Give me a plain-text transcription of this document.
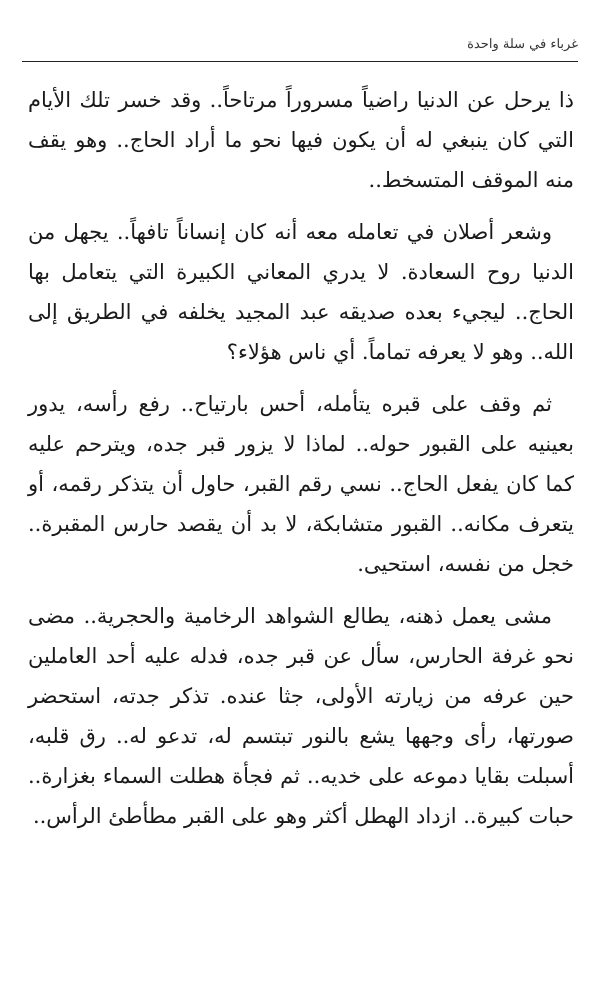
غرباء في سلة واحدة

ذا يرحل عن الدنيا راضياً مسروراً مرتاحاً.. وقد خسر تلك الأيام التي كان ينبغي له أن يكون فيها نحو ما أراد الحاج.. وهو يقف منه الموقف المتسخط..

وشعر أصلان في تعامله معه أنه كان إنساناً تافهاً.. يجهل من الدنيا روح السعادة. لا يدري المعاني الكبيرة التي يتعامل بها الحاج.. ليجيء بعده صديقه عبد المجيد يخلفه في الطريق إلى الله.. وهو لا يعرفه تماماً. أي ناس هؤلاء؟

ثم وقف على قبره يتأمله، أحس بارتياح.. رفع رأسه، يدور بعينيه على القبور حوله.. لماذا لا يزور قبر جده، ويترحم عليه كما كان يفعل الحاج.. نسي رقم القبر، حاول أن يتذكر رقمه، أو يتعرف مكانه.. القبور متشابكة، لا بد أن يقصد حارس المقبرة.. خجل من نفسه، استحيى.

مشى يعمل ذهنه، يطالع الشواهد الرخامية والحجرية.. مضى نحو غرفة الحارس، سأل عن قبر جده، فدله عليه أحد العاملين حين عرفه من زيارته الأولى، جثا عنده. تذكر جدته، استحضر صورتها، رأى وجهها يشع بالنور تبتسم له، تدعو له.. رق قلبه، أسبلت بقايا دموعه على خديه.. ثم فجأة هطلت السماء بغزارة.. حبات كبيرة.. ازداد الهطل أكثر وهو على القبر مطأطئ الرأس..
